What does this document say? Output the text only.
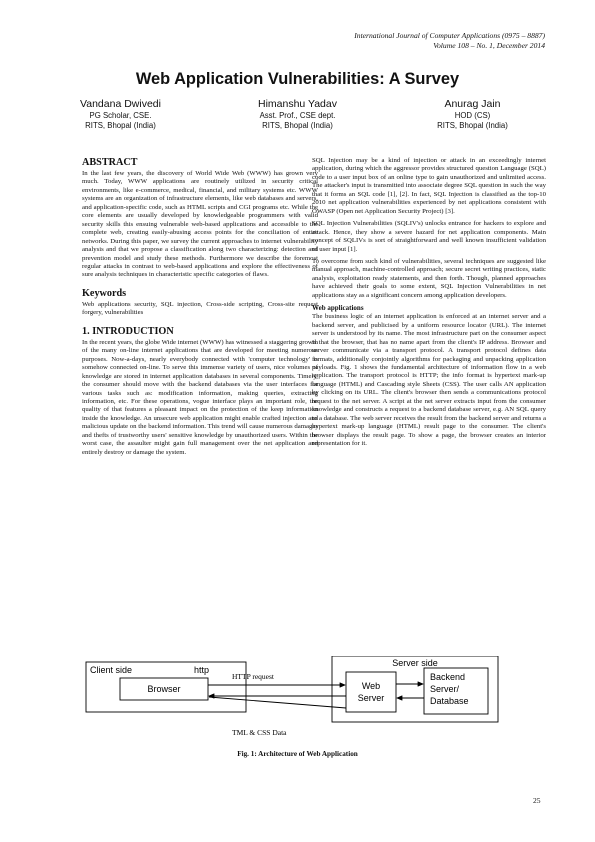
International Journal of Computer Applications (0975 – 8887)
Volume 108 – No. 1, December 2014
Web Application Vulnerabilities: A Survey
Vandana Dwivedi
PG Scholar, CSE.
RITS, Bhopal (India)
Himanshu Yadav
Asst. Prof., CSE dept.
RITS, Bhopal (India)
Anurag Jain
HOD (CS)
RITS, Bhopal (India)
ABSTRACT

In the last few years, the discovery of World Wide Web (WWW) has grown very much. Today, WWW applications are routinely utilized in security critical environments, like e-commerce, medical, financial, and military systems etc. WWW systems are an organization of infrastructure elements, like web databases and servers, and application-specific code, such as HTML scripts and CGI programs etc. While the core elements are usually developed by knowledgeable programmers with valid security skills this ensuing vulnerable web-based applications and accessible to the complete web, creating easily-abusing access points for the conciliation of entire networks. During this paper, we survey the current approaches to internet vulnerability analysis and that we propose a classification along two characterizing: detection and prevention model and study these methods. Furthermore we describe the foremost regular attacks in contrast to web-based applications and explore the effectiveness of sure analysis techniques in characteristic specific categories of flaws.

Keywords

Web applications security, SQL injection, Cross-side scripting, Cross-site request forgery, vulnerabilities

1. INTRODUCTION

In the recent years, the globe Wide internet (WWW) has witnessed a staggering growth of the many on-line internet applications that are developed for meeting numerous purposes. Now-a-days, nearly everybody connected with 'computer technology' is somehow connected on-line. To serve this immense variety of users, nice volumes of knowledge are stored in internet application databases in several components. Timely, the consumer should move with the backend databases via the user interfaces for various tasks such as: modification information, making queries, extracting information, etc. For these operations, vogue interface plays an important role, the quality of that features a pleasant impact on the protection of the keep information inside the knowledge. An unsecure web application might enable crafted injection and malicious update on the backend information. This trend will cause numerous damages and thefts of trustworthy users' sensitive knowledge by unauthorized users. Within the worst case, the assaulter might gain full management over the net application and entirely destroy or damage the system.

SQL Injection may be a kind of injection or attack in an exceedingly internet application, during which the aggressor provides structured question Language (SQL) code to a user input box of an online type to gain unauthorized and unlimited access. The attacker's input is transmitted into associate degree SQL question in such the way that it forms an SQL code [1], [2]. In fact, SQL Injection is classified as the top-10 2010 net application vulnerabilities experienced by net applications consistent with OWASP (Open net Application Security Project) [3].

SQL Injection Vulnerabilities (SQLIV's) unlocks entrance for hackers to explore and attack. Hence, they show a severe hazard for net application components. Main concept of SQLIVs is sort of straightforward and well known insufficient validation of user input [1].

To overcome from such kind of vulnerabilities, several techniques are suggested like manual approach, machine-controlled approach; secure secret writing practices, static analysis, exploitation ready statements, and then forth. Though, planned approaches have achieved their goals to some extent, SQL Injection Vulnerabilities in net applications stay as a significant concern among application developers.

Web applications

The business logic of an internet application is enforced at an internet server and a backend server, and publicised by a uniform resource locator (URL). The internet server is understood by its name. The most infrastructure part on the consumer aspect is that the browser, that has no name apart from the client's IP address. Browser and server communicate via a transport protocol. A transport protocol defines data formats, additionally conjointly algorithms for packaging and unpacking application payloads. Fig. 1 shows the fundamental architecture of information flow in a web application. The transport protocol is HTTP; the info format is hypertext mark-up language (HTML) and Cascading style Sheets (CSS). The user calls AN application by clicking on its URL. The client's browser then sends a communications protocol request to the net server. A script at the net server extracts input from the consumer knowledge and constructs a request to a backend database server, e.g. AN SQL query to a database. The web server receives the result from the backend server and returns a hypertext mark-up language (HTML) result page to the consumer. The client's browser displays the result page. To show a page, the browser creates an interior representation for it.

Client side	http
Browser
Server side
Web
Server
Backend
Server/
Database
HTTP request
TML & CSS Data
Fig. 1: Architecture of Web Application
25
